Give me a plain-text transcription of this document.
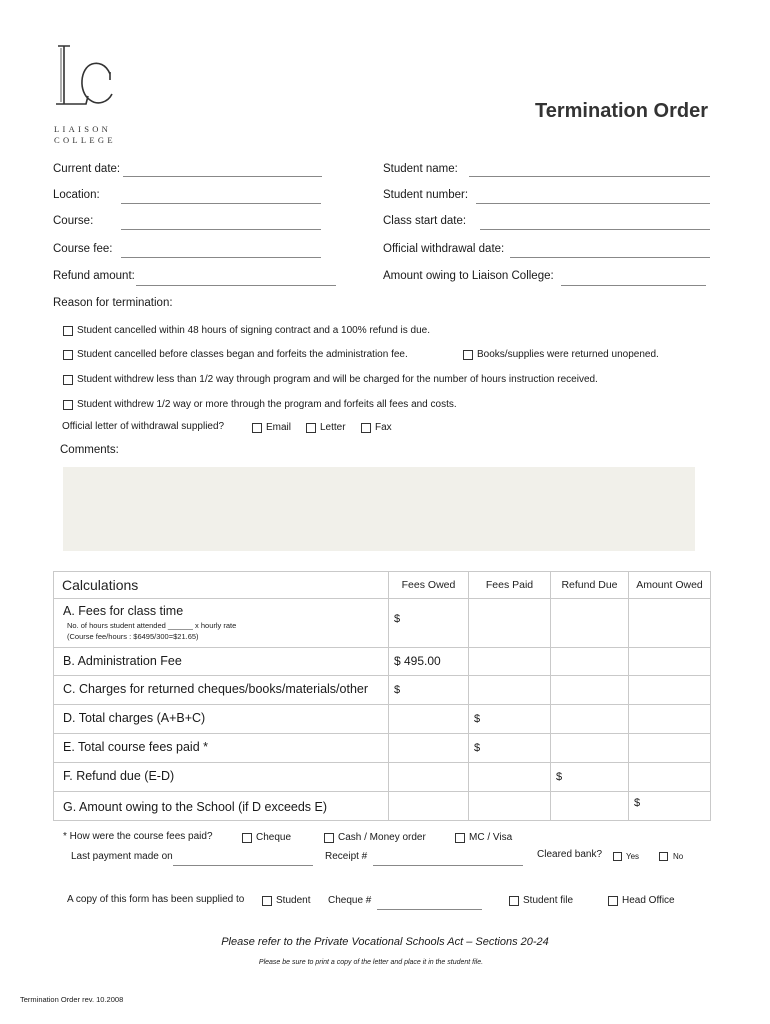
LC
LIAISON
COLLEGE
Termination Order
Current date:
Location:
Course:
Course fee:
Refund amount:
Student name:
Student number:
Class start date:
Official withdrawal date:
Amount owing to Liaison College:
Reason for termination:
Student cancelled within 48 hours of signing contract and a 100% refund is due.
Student cancelled before classes began and forfeits the administration fee.	Books/supplies were returned unopened.
Student withdrew less than 1/2 way through program and will be charged for the number of hours instruction received.
Student withdrew 1/2 way or more through the program and forfeits all fees and costs.
Official letter of withdrawal supplied?	Email	Letter	Fax
Comments:
Calculations	Fees Owed	Fees Paid	Refund Due	Amount Owed

A. Fees for class time
No. of hours student attended ______ x hourly rate
(Course fee/hours : $6495/300=$21.65)	$			

B. Administration Fee	$ 495.00			

C. Charges for returned cheques/books/materials/other	$			

D. Total charges (A+B+C)		$		

E. Total course fees paid *		$		

F. Refund due (E-D)			$	

G. Amount owing to the School (if D exceeds E)				$
* How were the course fees paid?	Cheque	Cash / Money order	MC / Visa
Last payment made on	Receipt #	Cleared bank?	Yes	No
A copy of this form has been supplied to	Student Cheque #	Student file	Head Office
Please refer to the Private Vocational Schools Act – Sections 20-24
Please be sure to print a copy of the letter and place it in the student file.
Termination Order rev. 10.2008
